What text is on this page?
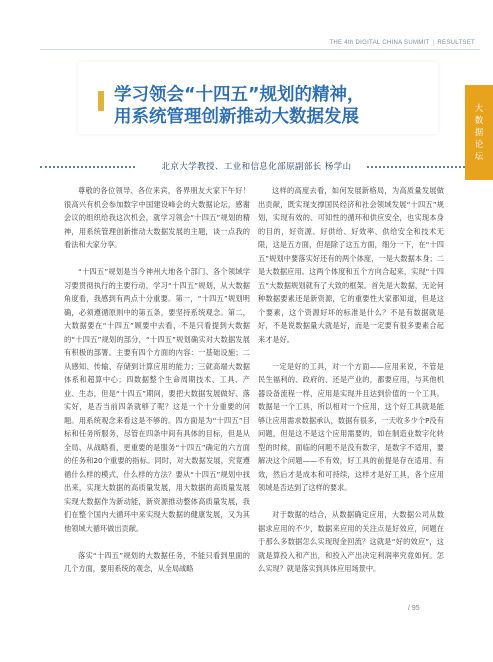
THE 4th DIGITAL CHINA SUMMIT | RESULTSET
学习领会“十四五”规划的精神，
用系统管理创新推动大数据发展	大数据论坛
北京大学教授、工业和信息化部原副部长 杨学山

尊敬的各位领导、各位来宾，各界朋友大家下午好！很高兴有机会参加数字中国建设峰会的大数据论坛，感谢会议的组织给我这次机会，就学习领会“十四五”规划的精神，用系统管理创新推动大数据发展的主题，谈一点我的看法和大家分享。

“十四五”规划是当今神州大地各个部门、各个领域学习要贯彻执行的主要行动，学习“十四五”规划，从大数据角度看，我感到有两点十分重要。第一，“十四五”规划明确，必须遵循原则中的第五条，要坚持系统观念。第二，大数据要在“十四五”顾要中去看，不是只看提到大数据的“十四五”规划的部分，“十四五”规划确实对大数据发展有积极的部署。主要有四个方面的内容：一基础设施；二从感知、传输、存储到计算应用的能力；三就高端大数据体系和超算中心；四数据整个生命周期技术、工具、产业、生态，但是“十四五”期间，要把大数据发展做好、落实好，是否当前四条就够了呢？这是一个十分重要的问题。用系统观念来看这是不够的。四方面是为“十四五”目标和任务所服务，尽管在四条中间有具体的目标，但是从全局、从战略看，更重要的是服务“十四五”确定的六方面的任务和20个重要的指标。同时，对大数据发展，究竟遵循什么样的模式，什么样的方法？要从“十四五”规划中找出来，实现大数据的高质量发展，用大数据的高质量发展实现大数据作为新动能，新资源推动整体高质量发展，我们在整个国内大循环中来实现大数据的健康发展，又为其他领域大循环做出贡献。

落实“十四五”规划的大数据任务，不能只看到里面的几个方面，要用系统的观念，从全局战略

这样的高度去看，如何发展新格局，为高质量发展做出贡献，既实现支撑国民经济和社会领域发展“十四五”规划，实现有效的、可知性的循环和供应安全，也实现本身的目的，好资源、好供给、好效率、供给安全和技术无限，这是五方面，但是除了这五方面，细分一下，在“十四五”规划中要落实好还有的两个体度，一是大数据本身；二是大数据应用。这两个体度和五个方向合起来，实现“十四五”大数据规划就有了大致的框架。首先是大数据，无论何种数据要素还是新资源，它的重要性大家都知道，但是这个要素，这个资源好坏的标准是什么？不是有数据就是好，不是说数据量大就是好，而是一定要有很多要素合起来才是好。

一定是好的工具，对一个方面——应用来说，不管是民生福利的、政府的、还是产业的，都要应用，与其他机器设备流程一样，应用是实现并且达到价值的一个工具。数据是一个工具，所以相对一个应用，这个好工具就是能够让应用需求数据承认，数据有很多，一天收多少个P没有问题，但是这不是这个应用需要的，如在制造业数字化转型的时候，面临的问题不是没有数字，是数字不适用，要解决这个问题——不有效，好工具的前提是存在适用、有效，然后才是成本和可持续，这样才是好工具，各个应用领域是否达到了这样的要求。

对于数据的结合，从数据确定应用，大数据公司从数据求应用的不少，数据来应用的关注点是好效应，问题在于那么多数据怎么实现现金回流？这就是“好的效应”，这就是算投入和产出，和投入产出决定利润率究竟如何。怎么实现？就是落实到具体应用场景中。

/ 95
